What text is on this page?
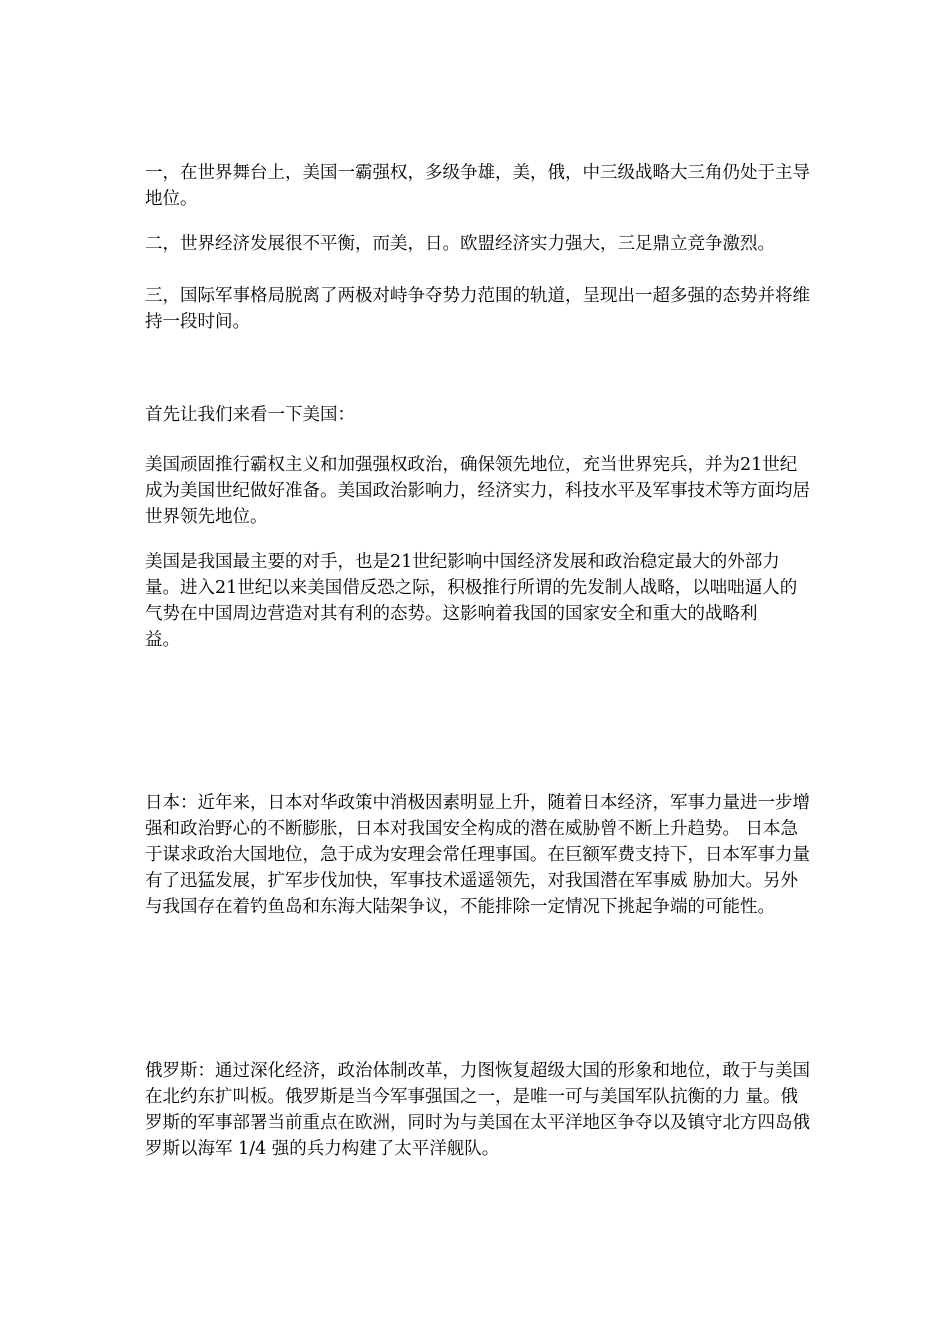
一，在世界舞台上，美国一霸强权，多级争雄，美，俄，中三级战略大三角仍处于主导地位。

二，世界经济发展很不平衡，而美，日。欧盟经济实力强大，三足鼎立竞争激烈。

三，国际军事格局脱离了两极对峙争夺势力范围的轨道，呈现出一超多强的态势并将维持一段时间。

首先让我们来看一下美国：

美国顽固推行霸权主义和加强强权政治，确保领先地位，充当世界宪兵，并为21世纪成为美国世纪做好准备。美国政治影响力，经济实力，科技水平及军事技术等方面均居世界领先地位。

美国是我国最主要的对手，也是21世纪影响中国经济发展和政治稳定最大的外部力量。进入21世纪以来美国借反恐之际，积极推行所谓的先发制人战略，以咄咄逼人的气势在中国周边营造对其有利的态势。这影响着我国的国家安全和重大的战略利
益。

日本：近年来，日本对华政策中消极因素明显上升，随着日本经济，军事力量进一步增强和政治野心的不断膨胀，日本对我国安全构成的潜在威胁曾不断上升趋势。 日本急于谋求政治大国地位，急于成为安理会常任理事国。在巨额军费支持下，日本军事力量有了迅猛发展，扩军步伐加快，军事技术遥遥领先，对我国潜在军事威 胁加大。另外与我国存在着钓鱼岛和东海大陆架争议，不能排除一定情况下挑起争端的可能性。

俄罗斯：通过深化经济，政治体制改革，力图恢复超级大国的形象和地位，敢于与美国在北约东扩叫板。俄罗斯是当今军事强国之一，是唯一可与美国军队抗衡的力 量。俄罗斯的军事部署当前重点在欧洲，同时为与美国在太平洋地区争夺以及镇守北方四岛俄罗斯以海军 1/4 强的兵力构建了太平洋舰队。
